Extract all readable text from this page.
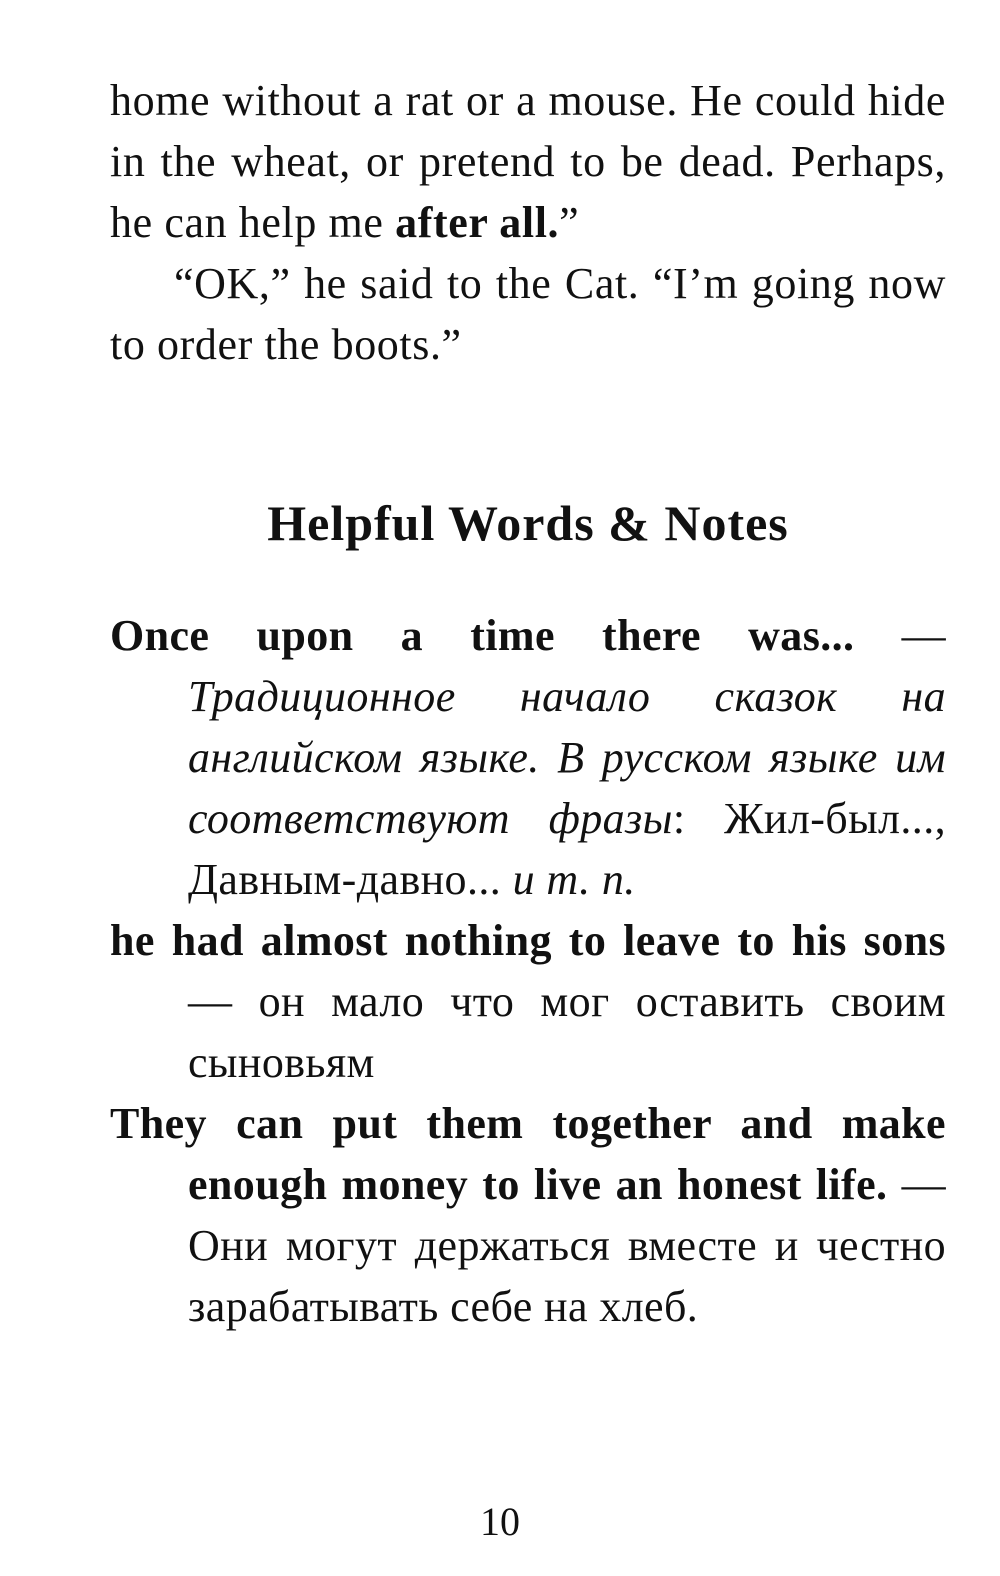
home without a rat or a mouse. He could hide in the wheat, or pretend to be dead. Perhaps, he can help me after all.”

“OK,” he said to the Cat. “I’m going now to order the boots.”

Helpful Words & Notes
Once upon a time there was... — Традиционное начало сказок на английском языке. В русском языке им соответствуют фразы: Жил-был..., Давным-давно... и т. п.
he had almost nothing to leave to his sons — он мало что мог оставить своим сыновьям
They can put them together and make enough money to live an honest life. — Они могут держаться вместе и честно зарабатывать себе на хлеб.
10
